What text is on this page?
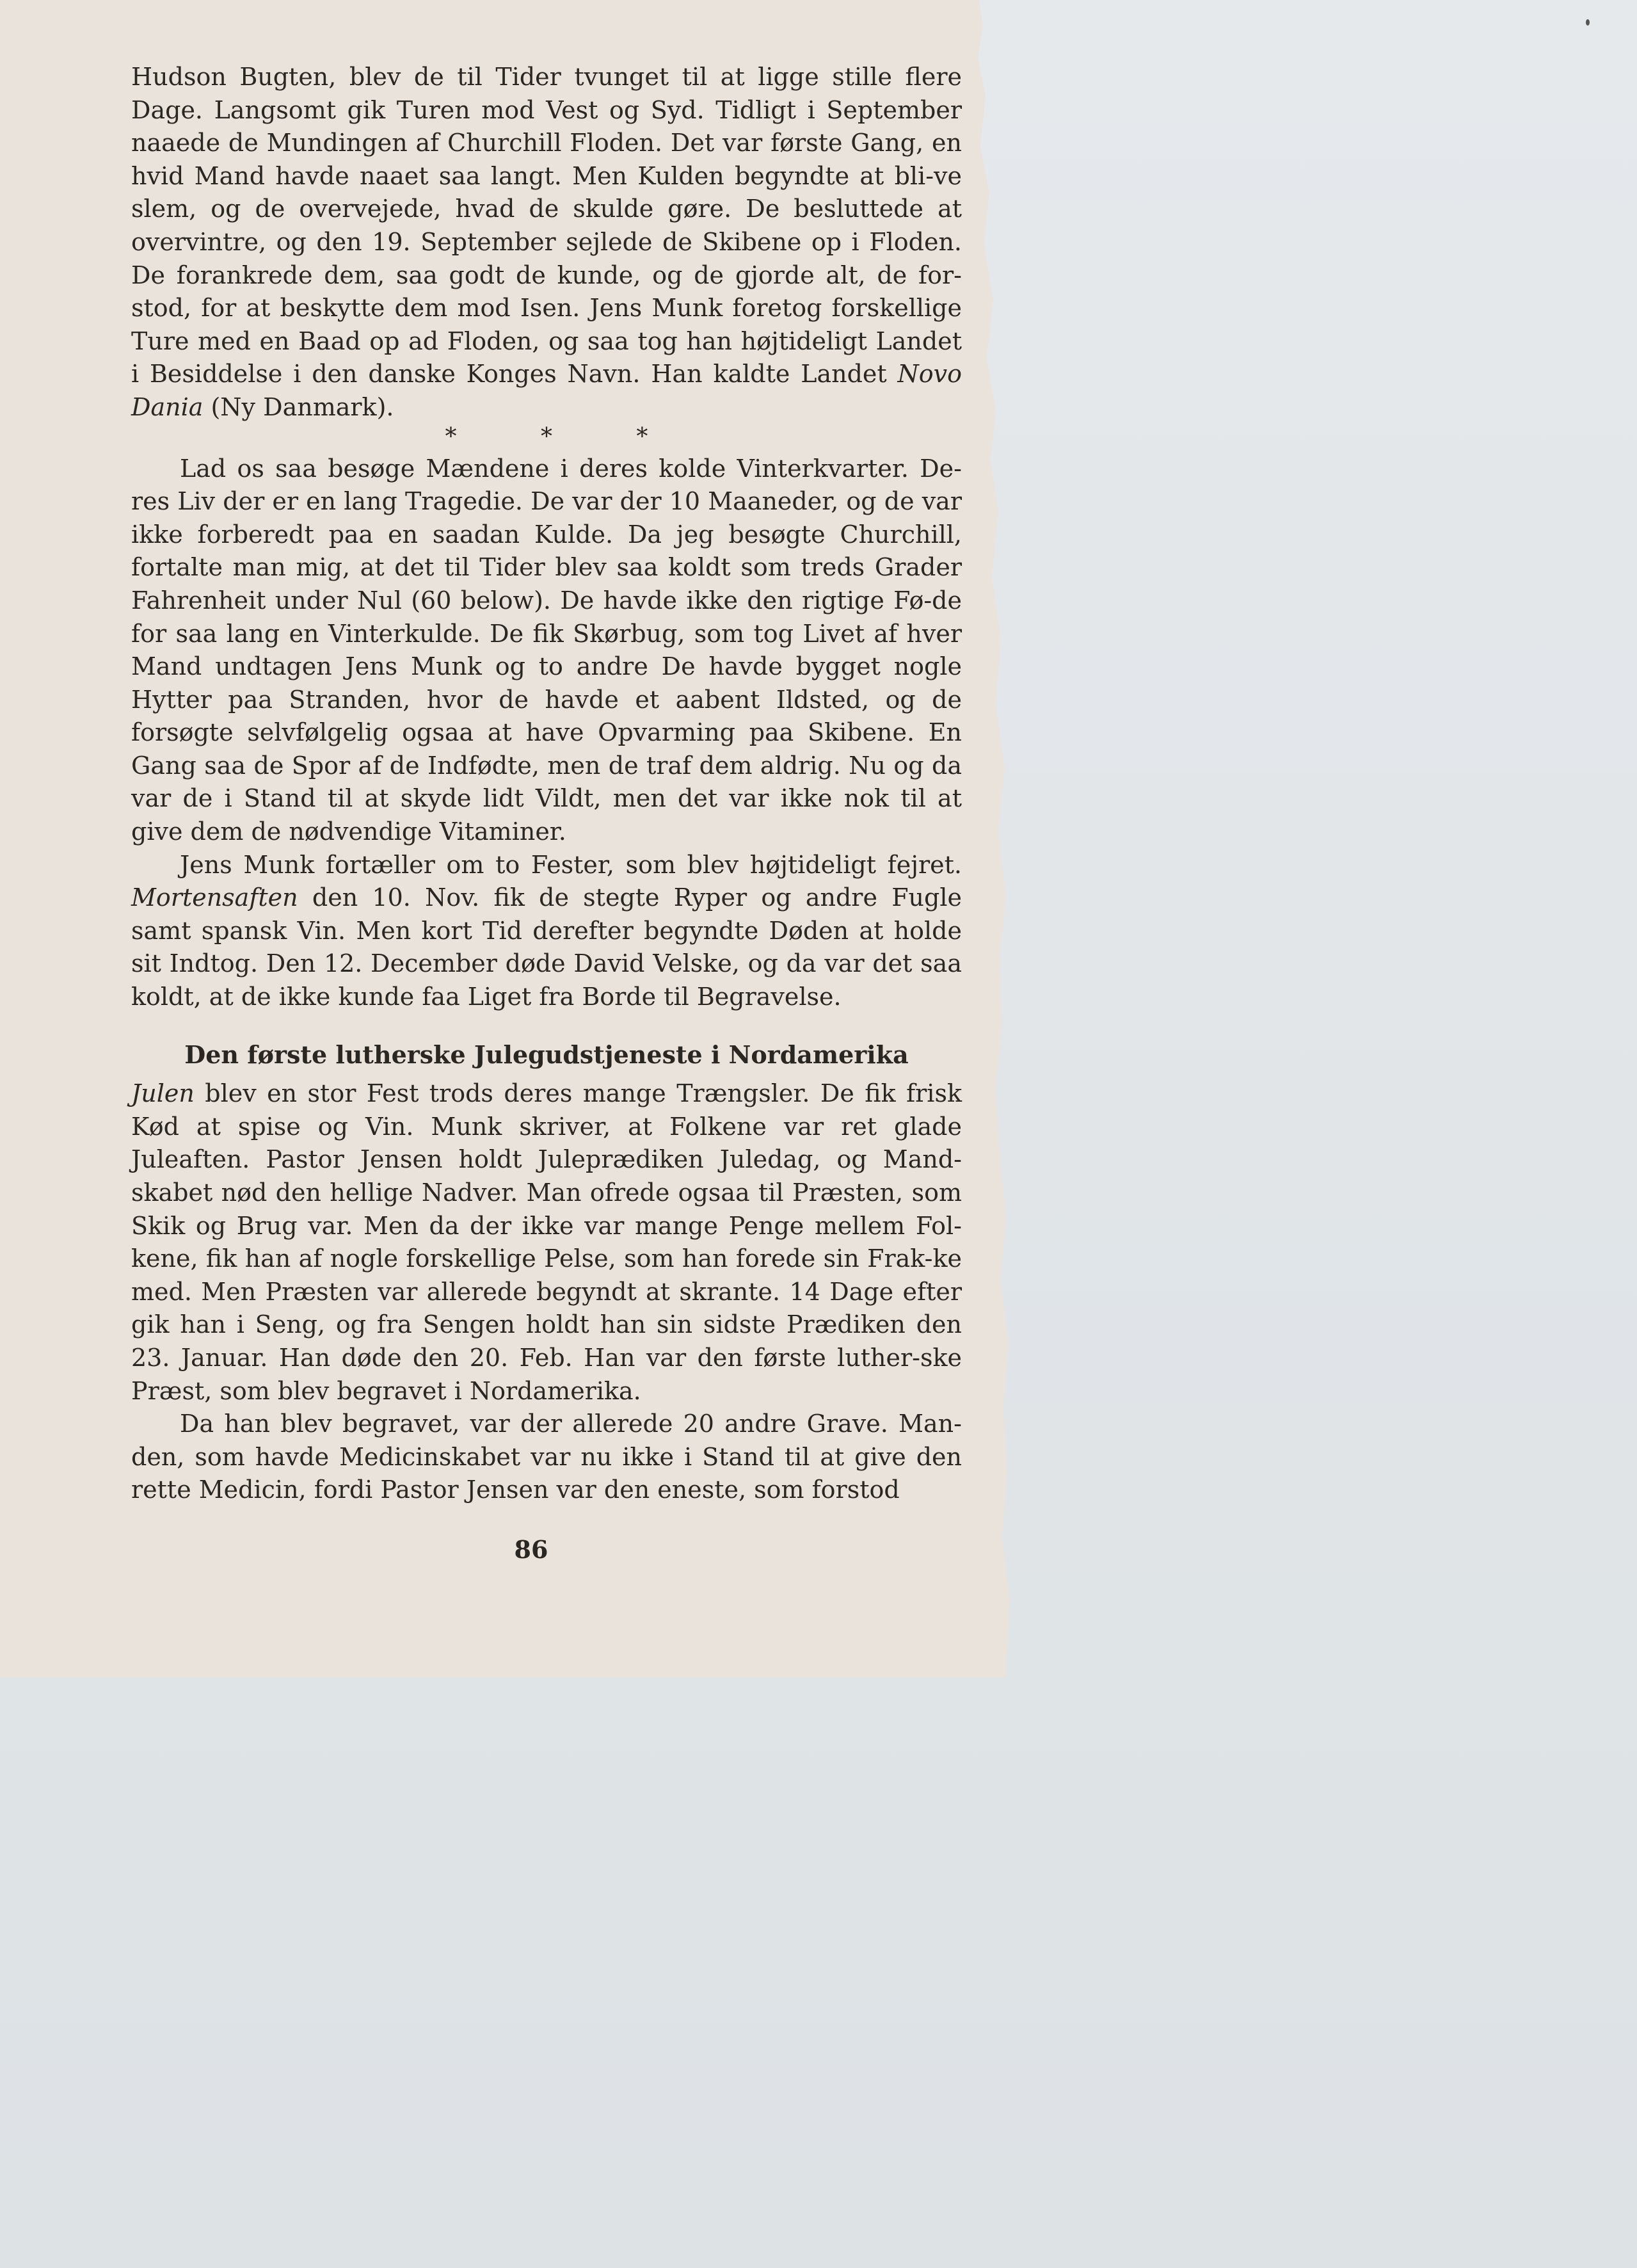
Hudson Bugten, blev de til Tider tvunget til at ligge stille flere Dage. Langsomt gik Turen mod Vest og Syd. Tidligt i September naaede de Mundingen af Churchill Floden. Det var første Gang, en hvid Mand havde naaet saa langt. Men Kulden begyndte at bli-ve slem, og de overvejede, hvad de skulde gøre. De besluttede at overvintre, og den 19. September sejlede de Skibene op i Floden. De forankrede dem, saa godt de kunde, og de gjorde alt, de for-stod, for at beskytte dem mod Isen. Jens Munk foretog forskellige Ture med en Baad op ad Floden, og saa tog han højtideligt Landet i Besiddelse i den danske Konges Navn. Han kaldte Landet Novo Dania (Ny Danmark).

* * *

Lad os saa besøge Mændene i deres kolde Vinterkvarter. De-res Liv der er en lang Tragedie. De var der 10 Maaneder, og de var ikke forberedt paa en saadan Kulde. Da jeg besøgte Churchill, fortalte man mig, at det til Tider blev saa koldt som treds Grader Fahrenheit under Nul (60 below). De havde ikke den rigtige Fø-de for saa lang en Vinterkulde. De fik Skørbug, som tog Livet af hver Mand undtagen Jens Munk og to andre De havde bygget nogle Hytter paa Stranden, hvor de havde et aabent Ildsted, og de forsøgte selvfølgelig ogsaa at have Opvarming paa Skibene. En Gang saa de Spor af de Indfødte, men de traf dem aldrig. Nu og da var de i Stand til at skyde lidt Vildt, men det var ikke nok til at give dem de nødvendige Vitaminer.

Jens Munk fortæller om to Fester, som blev højtideligt fejret. Mortensaften den 10. Nov. fik de stegte Ryper og andre Fugle samt spansk Vin. Men kort Tid derefter begyndte Døden at holde sit Indtog. Den 12. December døde David Velske, og da var det saa koldt, at de ikke kunde faa Liget fra Borde til Begravelse.

Den første lutherske Julegudstjeneste i Nordamerika

Julen blev en stor Fest trods deres mange Trængsler. De fik frisk Kød at spise og Vin. Munk skriver, at Folkene var ret glade Juleaften. Pastor Jensen holdt Juleprædiken Juledag, og Mand-skabet nød den hellige Nadver. Man ofrede ogsaa til Præsten, som Skik og Brug var. Men da der ikke var mange Penge mellem Fol-kene, fik han af nogle forskellige Pelse, som han forede sin Frak-ke med. Men Præsten var allerede begyndt at skrante. 14 Dage efter gik han i Seng, og fra Sengen holdt han sin sidste Prædiken den 23. Januar. Han døde den 20. Feb. Han var den første luther-ske Præst, som blev begravet i Nordamerika.

Da han blev begravet, var der allerede 20 andre Grave. Man-den, som havde Medicinskabet var nu ikke i Stand til at give den rette Medicin, fordi Pastor Jensen var den eneste, som forstod

86
